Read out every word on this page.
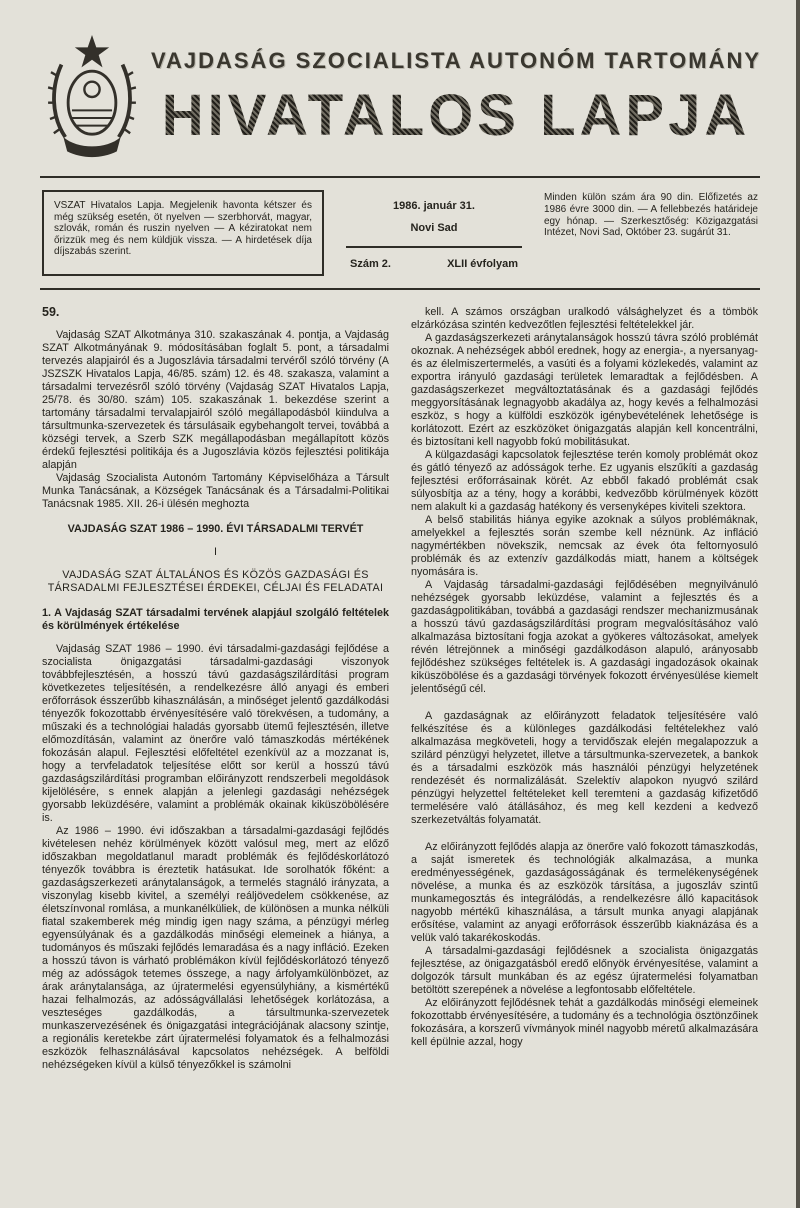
VAJDASÁG SZOCIALISTA AUTONÓM TARTOMÁNY
HIVATALOS LAPJA
VSZAT Hivatalos Lapja. Megjelenik havonta kétszer és még szükség esetén, öt nyelven — szerbhorvát, magyar, szlovák, román és ruszin nyelven — A kéziratokat nem őrizzük meg és nem küldjük vissza. — A hirdetések díja díjszabás szerint.
1986. január 31.
Novi Sad
Szám 2.	XLII évfolyam
Minden külön szám ára 90 din. Előfizetés az 1986 évre 3000 din. — A fellebbezés határideje egy hónap. — Szerkesztőség: Közigazgatási Intézet, Novi Sad, Október 23. sugárút 31.
59.
Vajdaság SZAT Alkotmánya 310. szakaszának 4. pontja, a Vajdaság SZAT Alkotmányának 9. módosításában foglalt 5. pont, a társadalmi tervezés alapjairól és a Jugoszlávia társadalmi tervéről szóló törvény (A JSZSZK Hivatalos Lapja, 46/85. szám) 12. és 48. szakasza, valamint a társadalmi tervezésről szóló törvény (Vajdaság SZAT Hivatalos Lapja, 25/78. és 30/80. szám) 105. szakaszának 1. bekezdése szerint a tartomány társadalmi tervalapjairól szóló megállapodásból kiindulva a társultmunka-szervezetek és társulásaik egybehangolt tervei, továbbá a községi tervek, a Szerb SZK megállapodásban megállapított közös érdekű fejlesztési politikája és a Jugoszlávia közös fejlesztési politikája alapján
Vajdaság Szocialista Autonóm Tartomány Képviselőháza a Társult Munka Tanácsának, a Községek Tanácsának és a Társadalmi-Politikai Tanácsnak 1985. XII. 26-i ülésén meghozta
VAJDASÁG SZAT 1986 – 1990. ÉVI TÁRSADALMI TERVÉT
I
VAJDASÁG SZAT ÁLTALÁNOS ÉS KÖZÖS GAZDASÁGI ÉS TÁRSADALMI FEJLESZTÉSEI ÉRDEKEI, CÉLJAI ÉS FELADATAI
1. A Vajdaság SZAT társadalmi tervének alapjául szolgáló feltételek és körülmények értékelése
Vajdaság SZAT 1986 – 1990. évi társadalmi-gazdasági fejlődése a szocialista önigazgatási társadalmi-gazdasági viszonyok továbbfejlesztésén, a hosszú távú gazdaságszilárdítási program következetes teljesítésén, a rendelkezésre álló anyagi és emberi erőforrások ésszerűbb kihasználásán, a minőséget jelentő gazdálkodási tényezők fokozottabb érvényesítésére való törekvésen, a tudomány, a műszaki és a technológiai haladás gyorsabb ütemű fejlesztésén, illetve előmozdításán, valamint az önerőre való támaszkodás mértékének fokozásán alapul. Fejlesztési előfeltétel ezenkívül az a mozzanat is, hogy a tervfeladatok teljesítése előtt sor kerül a hosszú távú gazdaságszilárdítási programban előirányzott rendszerbeli megoldások kijelölésére, s ennek alapján a jelenlegi gazdasági nehézségek gyorsabb leküzdésére, valamint a problémák okainak kiküszöbölésére is.
Az 1986 – 1990. évi időszakban a társadalmi-gazdasági fejlődés kivételesen nehéz körülmények között valósul meg, mert az előző időszakban megoldatlanul maradt problémák és fejlődéskorlátozó tényezők továbbra is éreztetik hatásukat. Ide sorolhatók főként: a gazdaságszerkezeti aránytalanságok, a termelés stagnáló irányzata, a viszonylag kisebb kivitel, a személyi reáljövedelem csökkenése, az életszínvonal romlása, a munkanélküliek, de különösen a munka nélküli fiatal szakemberek még mindig igen nagy száma, a pénzügyi mérleg egyensúlyának és a gazdálkodás minőségi elemeinek a hiánya, a tudományos és műszaki fejlődés lemaradása és a nagy infláció. Ezeken a hosszú távon is várható problémákon kívül fejlődéskorlátozó tényező még az adósságok tetemes összege, a nagy árfolyamkülönbözet, az árak aránytalansága, az újratermelési egyensúlyhiány, a kismértékű hazai felhalmozás, az adósságvállalási lehetőségek korlátozása, a veszteséges gazdálkodás, a társultmunka-szervezetek munkaszervezésének és önigazgatási integrációjának alacsony szintje, a regionális keretekbe zárt újratermelési folyamatok és a felhalmozási eszközök felhasználásával kapcsolatos nehézségek. A belföldi nehézségeken kívül a külső tényezőkkel is számolni
kell. A számos országban uralkodó válsághelyzet és a tömbök elzárkózása szintén kedvezőtlen fejlesztési feltételekkel jár.
A gazdaságszerkezeti aránytalanságok hosszú távra szóló problémát okoznak. A nehézségek abból erednek, hogy az energia-, a nyersanyag- és az élelmiszertermelés, a vasúti és a folyami közlekedés, valamint az exportra irányuló gazdasági területek lemaradtak a fejlődésben. A gazdaságszerkezet megváltoztatásának és a gazdasági fejlődés meggyorsításának legnagyobb akadálya az, hogy kevés a felhalmozási eszköz, s hogy a külföldi eszközök igénybevételének lehetősége is korlátozott. Ezért az eszközöket önigazgatás alapján kell koncentrálni, és biztosítani kell nagyobb fokú mobilitásukat.
A külgazdasági kapcsolatok fejlesztése terén komoly problémát okoz és gátló tényező az adósságok terhe. Ez ugyanis elszűkíti a gazdaság fejlesztési erőforrásainak körét. Az ebből fakadó problémát csak súlyosbítja az a tény, hogy a korábbi, kedvezőbb körülmények között nem alakult ki a gazdaság hatékony és versenyképes kiviteli szektora.
A belső stabilitás hiánya egyike azoknak a súlyos problémáknak, amelyekkel a fejlesztés során szembe kell néznünk. Az infláció nagymértékben növekszik, nemcsak az évek óta feltornyosuló problémák és az extenzív gazdálkodás miatt, hanem a költségek nyomására is.
A Vajdaság társadalmi-gazdasági fejlődésében megnyilvánuló nehézségek gyorsabb leküzdése, valamint a fejlesztés és a gazdaságpolitikában, továbbá a gazdasági rendszer mechanizmusának a hosszú távú gazdaságszilárdítási program megvalósításához való alkalmazása biztosítani fogja azokat a gyökeres változásokat, amelyek révén létrejönnek a minőségi gazdálkodáson alapuló, arányosabb fejlődéshez szükséges feltételek is. A gazdasági ingadozások okainak kiküszöbölése és a gazdasági törvények fokozott érvényesülése kiemelt jelentőségű cél.
A gazdaságnak az előirányzott feladatok teljesítésére való felkészítése és a különleges gazdálkodási feltételekhez való alkalmazása megköveteli, hogy a tervidőszak elején megalapozzuk a szilárd pénzügyi helyzetet, illetve a társultmunka-szervezetek, a bankok és a társadalmi eszközök más használói pénzügyi helyzetének rendezését és normalizálását. Szelektív alapokon nyugvó szilárd pénzügyi helyzettel feltételeket kell teremteni a gazdaság kifizetődő termelésére való átállásához, és meg kell kezdeni a kedvező szerkezetváltás folyamatát.
Az előirányzott fejlődés alapja az önerőre való fokozott támaszkodás, a saját ismeretek és technológiák alkalmazása, a munka eredményességének, gazdaságosságának és termelékenységének növelése, a munka és az eszközök társítása, a jugoszláv szintű munkamegosztás és integrálódás, a rendelkezésre álló kapacitások nagyobb mértékű kihasználása, a társult munka anyagi alapjának erősítése, valamint az anyagi erőforrások ésszerűbb kiaknázása és a velük való takarékoskodás.
A társadalmi-gazdasági fejlődésnek a szocialista önigazgatás fejlesztése, az önigazgatásból eredő előnyök érvényesítése, valamint a dolgozók társult munkában és az egész újratermelési folyamatban betöltött szerepének a növelése a legfontosabb előfeltétele.
Az előirányzott fejlődésnek tehát a gazdálkodás minőségi elemeinek fokozottabb érvényesítésére, a tudomány és a technológia ösztönzőinek fokozására, a korszerű vívmányok minél nagyobb méretű alkalmazására kell épülnie azzal, hogy
